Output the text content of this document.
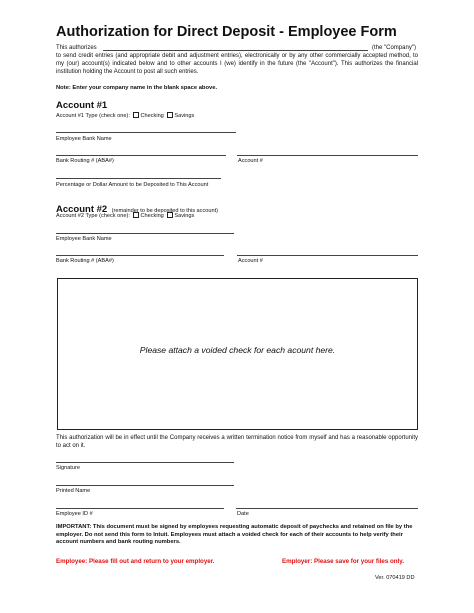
Authorization for Direct Deposit - Employee Form
This authorizes	(the "Company")
to send credit entries (and appropriate debit and adjustment entries), electronically or by any other commercially accepted method, to my (our) account(s) indicated below and to other accounts I (we) identify in the future (the "Account"). This authorizes the financial institution holding the Account to post all such entries.
Note: Enter your company name in the blank space above.
Account #1
Account #1 Type (check one): Checking Savings
Employee Bank Name
Bank Routing # (ABA#)	Account #
Percentage or Dollar Amount to be Deposited to This Account
Account #2 (remainder to be deposited to this account)
Account #2 Type (check one): Checking Savings
Employee Bank Name
Bank Routing # (ABA#)	Account #
Please attach a voided check for each acount here.
This authorization will be in effect until the Company receives a written termination notice from myself and has a reasonable opportunity to act on it.
Signature
Printed Name
Employee ID #	Date
IMPORTANT: This document must be signed by employees requesting automatic deposit of paychecks and retained on file by the employer. Do not send this form to Intuit. Employees must attach a voided check for each of their accounts to help verify their account numbers and bank routing numbers.
Employee: Please fill out and return to your employer.	Employer: Please save for your files only.
Ver. 070419 DD
